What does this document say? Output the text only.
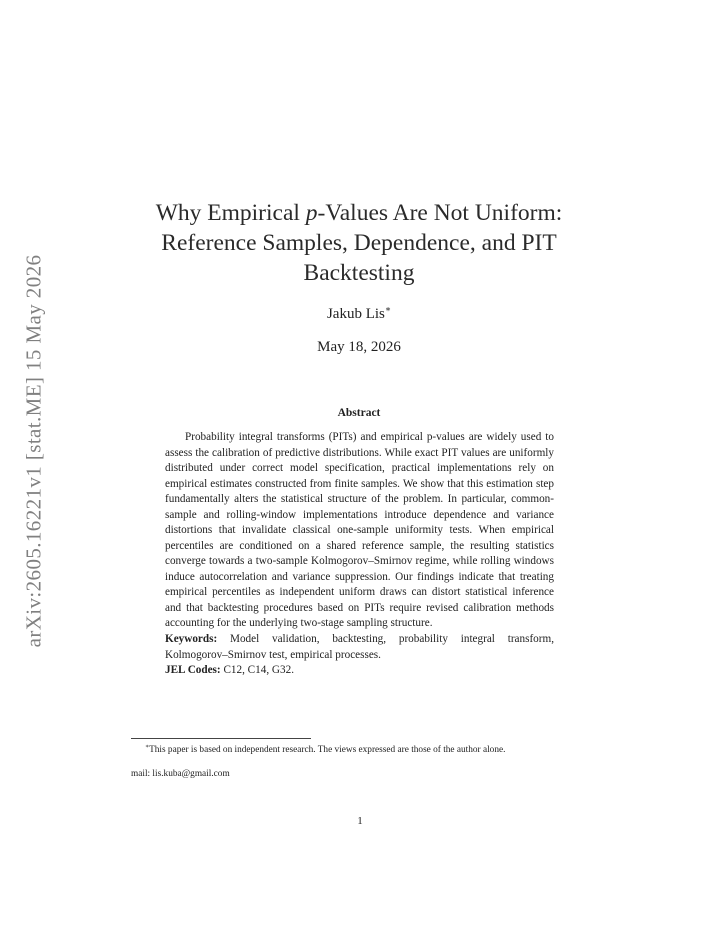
arXiv:2605.16221v1 [stat.ME] 15 May 2026
Why Empirical p-Values Are Not Uniform:
Reference Samples, Dependence, and PIT
Backtesting
Jakub Lis∗
May 18, 2026
Abstract

Probability integral transforms (PITs) and empirical p-values are widely used to assess the calibration of predictive distributions. While exact PIT values are uniformly distributed under correct model specification, practical implementations rely on empirical estimates constructed from finite samples. We show that this estimation step fundamentally alters the statistical structure of the problem. In particular, common-sample and rolling-window implementations introduce dependence and variance distortions that invalidate classical one-sample uniformity tests. When empirical percentiles are conditioned on a shared reference sample, the resulting statistics converge towards a two-sample Kolmogorov–Smirnov regime, while rolling windows induce autocorrelation and variance suppression. Our findings indicate that treating empirical percentiles as independent uniform draws can distort statistical inference and that backtesting procedures based on PITs require revised calibration methods accounting for the underlying two-stage sampling structure.

Keywords: Model validation, backtesting, probability integral transform, Kolmogorov–Smirnov test, empirical processes.

JEL Codes: C12, C14, G32.

∗This paper is based on independent research. The views expressed are those of the author alone.

mail: lis.kuba@gmail.com
1
